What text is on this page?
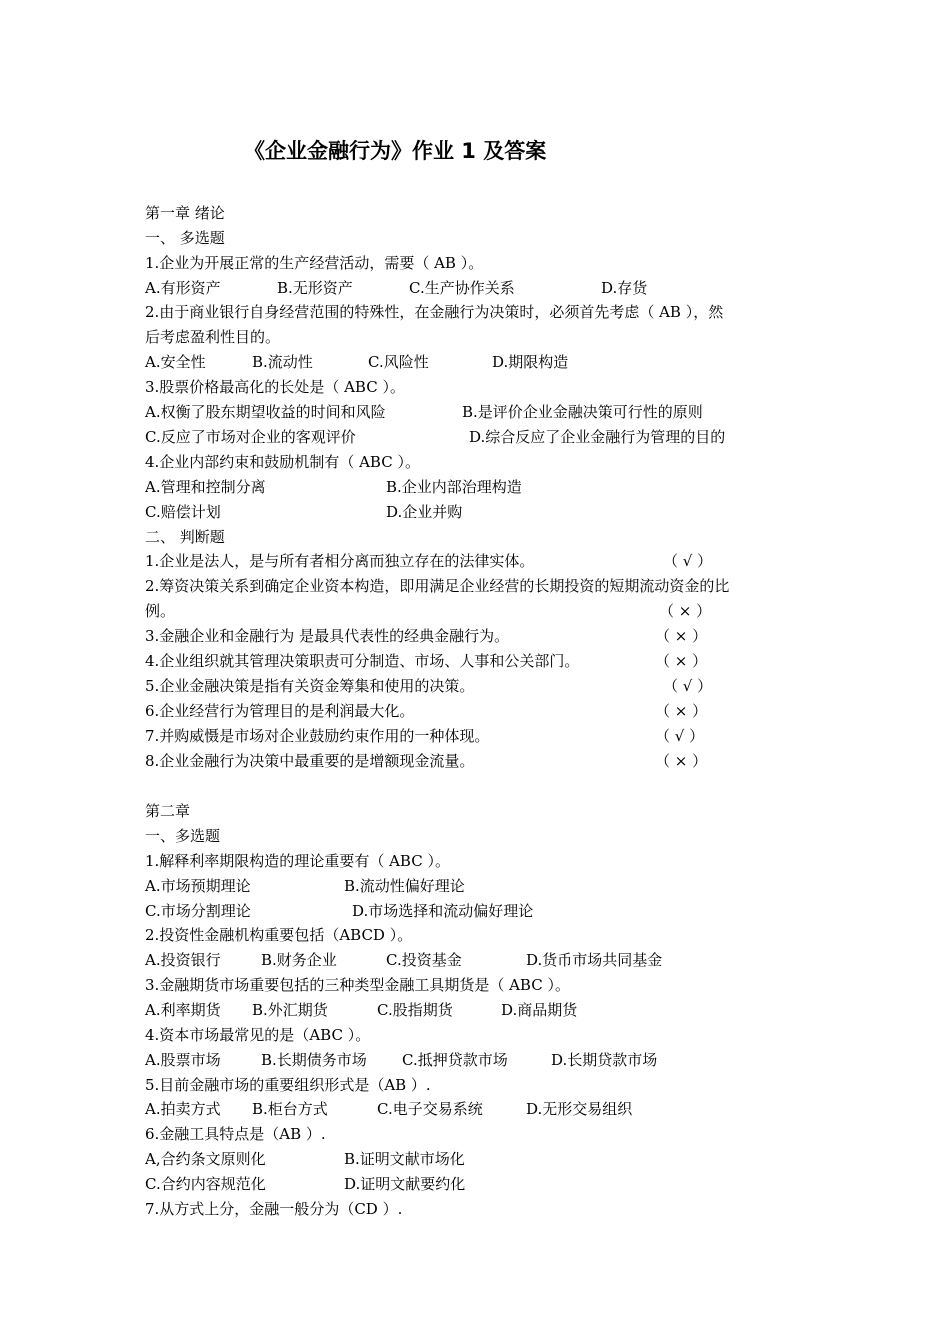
《企业金融行为》作业 1 及答案
第一章 绪论
一、 多选题
1.企业为开展正常的生产经营活动，需要（ AB ）。
A.有形资产	B.无形资产	C.生产协作关系	D.存货
2.由于商业银行自身经营范围的特殊性，在金融行为决策时，必须首先考虑（ AB ），然
后考虑盈利性目的。
A.安全性	B.流动性	C.风险性	D.期限构造
3.股票价格最高化的长处是（ ABC ）。
A.权衡了股东期望收益的时间和风险	B.是评价企业金融决策可行性的原则
C.反应了市场对企业的客观评价	D.综合反应了企业金融行为管理的目的
4.企业内部约束和鼓励机制有（ ABC ）。
A.管理和控制分离	B.企业内部治理构造
C.赔偿计划	D.企业并购
二、 判断题
1.企业是法人，是与所有者相分离而独立存在的法律实体。	（ √ ）
2.筹资决策关系到确定企业资本构造，即用满足企业经营的长期投资的短期流动资金的比
例。	（ × ）
3.金融企业和金融行为 是最具代表性的经典金融行为。	（ × ）
4.企业组织就其管理决策职责可分制造、市场、人事和公关部门。	（ × ）
5.企业金融决策是指有关资金筹集和使用的决策。	（ √ ）
6.企业经营行为管理目的是利润最大化。	（ × ）
7.并购威慑是市场对企业鼓励约束作用的一种体现。	（ √ ）
8.企业金融行为决策中最重要的是增额现金流量。	（ × ）
第二章
一、多选题
1.解释利率期限构造的理论重要有（ ABC ）。
A.市场预期理论	B.流动性偏好理论
C.市场分割理论	D.市场选择和流动偏好理论
2.投资性金融机构重要包括（ABCD ）。
A.投资银行	B.财务企业	C.投资基金	D.货币市场共同基金
3.金融期货市场重要包括的三种类型金融工具期货是（ ABC ）。
A.利率期货 B.外汇期货	C.股指期货	D.商品期货
4.资本市场最常见的是（ABC ）。
A.股票市场	B.长期债务市场 C.抵押贷款市场	D.长期贷款市场
5.目前金融市场的重要组织形式是（AB ）.
A.拍卖方式 B.柜台方式	C.电子交易系统	D.无形交易组织
6.金融工具特点是（AB ）.
A,合约条文原则化	B.证明文献市场化
C.合约内容规范化	D.证明文献要约化
7.从方式上分，金融一般分为（CD ）.
